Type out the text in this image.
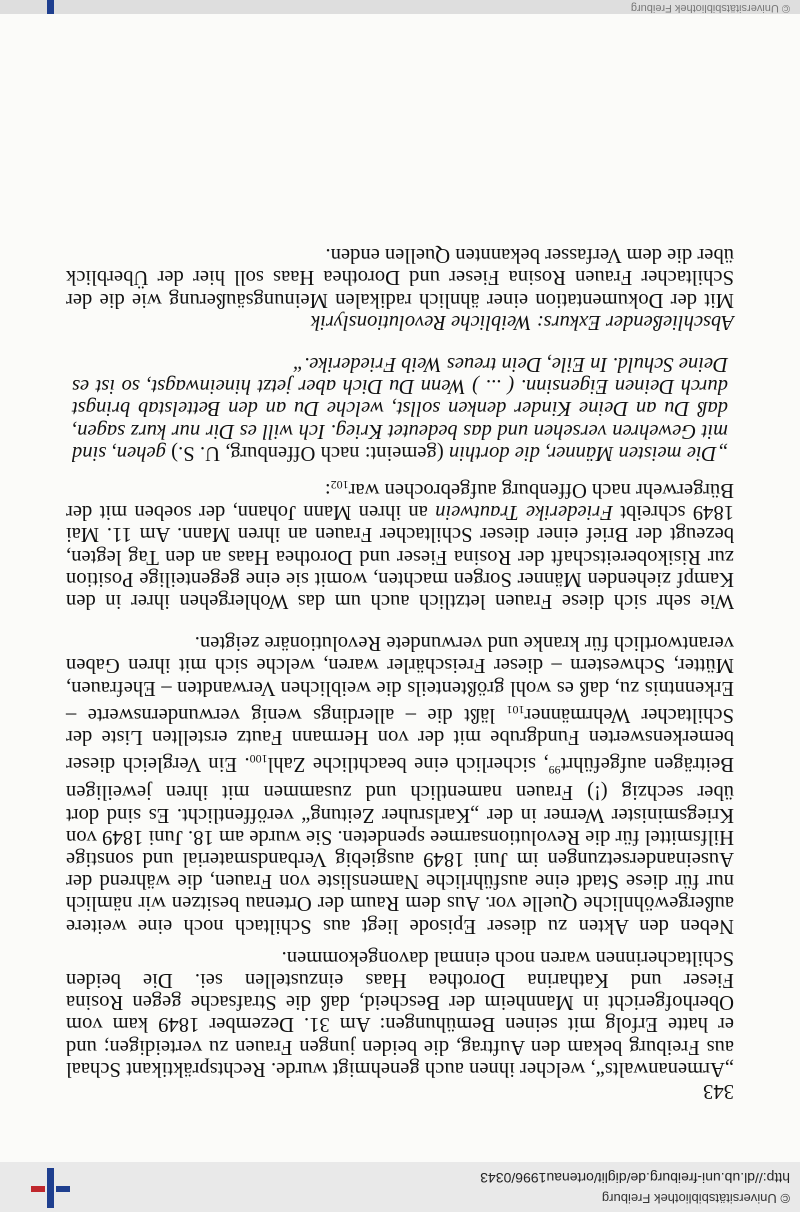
© Universitätsbibliothek Freiburg
http://dl.ub.uni-freiburg.de/diglit/ortenau1996/0343

343

„Armenanwalts“, welcher ihnen auch genehmigt wurde. Rechtspräktikant Schaal aus Freiburg bekam den Auftrag, die beiden jungen Frauen zu verteidigen; und er hatte Erfolg mit seinen Bemühungen: Am 31. Dezember 1849 kam vom Oberhofgericht in Mannheim der Bescheid, daß die Strafsache gegen Rosina Fieser und Katharina Dorothea Haas einzustellen sei. Die beiden Schiltacherinnen waren noch einmal davongekommen.

Neben den Akten zu dieser Episode liegt aus Schiltach noch eine weitere außergewöhnliche Quelle vor. Aus dem Raum der Ortenau besitzen wir nämlich nur für diese Stadt eine ausführliche Namensliste von Frauen, die während der Auseinandersetzungen im Juni 1849 ausgiebig Verbandsmaterial und sonstige Hilfsmittel für die Revolutionsarmee spendeten. Sie wurde am 18. Juni 1849 von Kriegsminister Werner in der „Karlsruher Zeitung“ veröffentlicht. Es sind dort über sechzig (!) Frauen namentlich und zusammen mit ihren jeweiligen Beiträgen aufgeführt$^{99}$, sicherlich eine beachtliche Zahl$_{100}$. Ein Vergleich dieser bemerkenswerten Fundgrube mit der von Hermann Fautz erstellten Liste der Schiltacher Wehrmänner$_{101}$ läßt die – allerdings wenig verwundernswerte – Erkenntnis zu, daß es wohl größtenteils die weiblichen Verwandten – Ehefrauen, Mütter, Schwestern – dieser Freischärler waren, welche sich mit ihren Gaben verantwortlich für kranke und verwundete Revolutionäre zeigten.

Wie sehr sich diese Frauen letztlich auch um das Wohlergehen ihrer in den Kampf ziehenden Männer Sorgen machten, womit sie eine gegenteilige Position zur Risikobereitschaft der Rosina Fieser und Dorothea Haas an den Tag legten, bezeugt der Brief einer dieser Schiltacher Frauen an ihren Mann. Am 11. Mai 1849 schreibt Friederike Trautwein an ihren Mann Johann, der soeben mit der Bürgerwehr nach Offenburg aufgebrochen war$_{102}$:

„Die meisten Männer, die dorthin (gemeint: nach Offenburg, U. S.) gehen, sind mit Gewehren versehen und das bedeutet Krieg. Ich will es Dir nur kurz sagen, daß Du an Deine Kinder denken sollst, welche Du an den Bettelstab bringst durch Deinen Eigensinn. ( ... ) Wenn Du Dich aber jetzt hineinwagst, so ist es Deine Schuld. In Eile, Dein treues Weib Friederike.“

Abschließender Exkurs: Weibliche Revolutionslyrik

Mit der Dokumentation einer ähnlich radikalen Meinungsäußerung wie die der Schiltacher Frauen Rosina Fieser und Dorothea Haas soll hier der Überblick über die dem Verfasser bekannten Quellen enden.

© Universitätsbibliothek Freiburg
